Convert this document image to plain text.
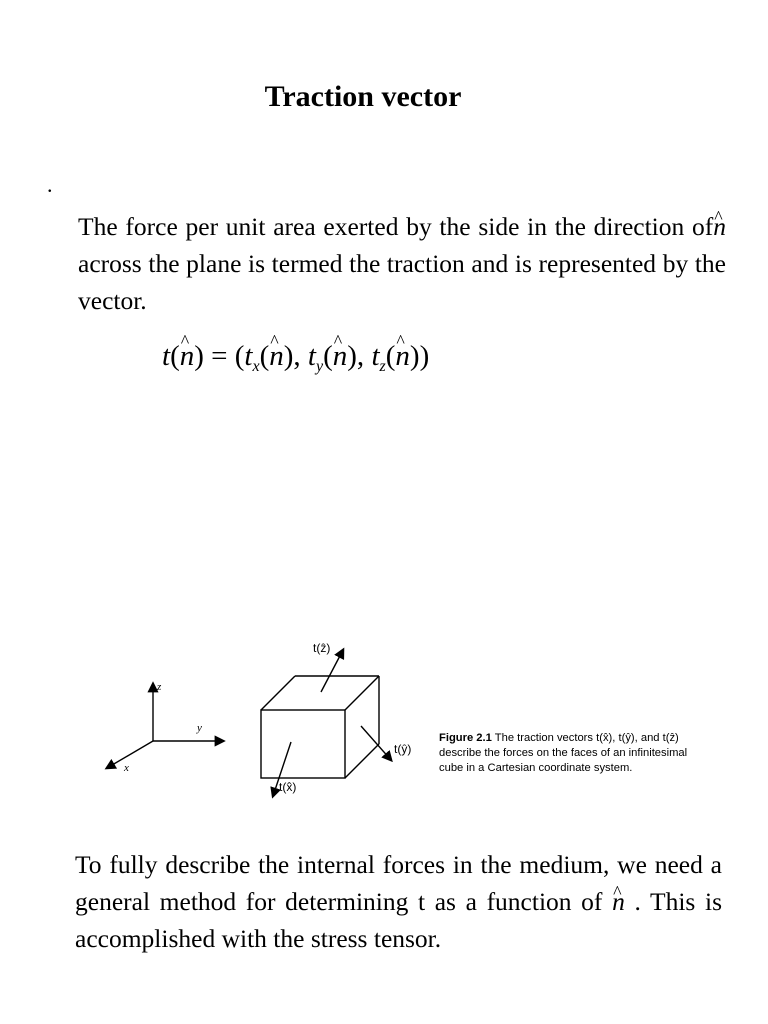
Traction vector
.

The force per unit area exerted by the side in the direction of^ n across the plane is termed the traction and is represented by the vector.

t(^ $n) = (t_x(\^{}$ n), $t_y(\^{}$ n), $t_z(\^{}$ n))
z
y
x
t(ẑ)
t(ŷ)
t(x̂)
Figure 2.1 The traction vectors t(x̂), t(ŷ), and t(ẑ) describe the forces on the faces of an infinitesimal cube in a Cartesian coordinate system.

To fully describe the internal forces in the medium, we need a general method for determining t as a function of ^ n . This is accomplished with the stress tensor.
